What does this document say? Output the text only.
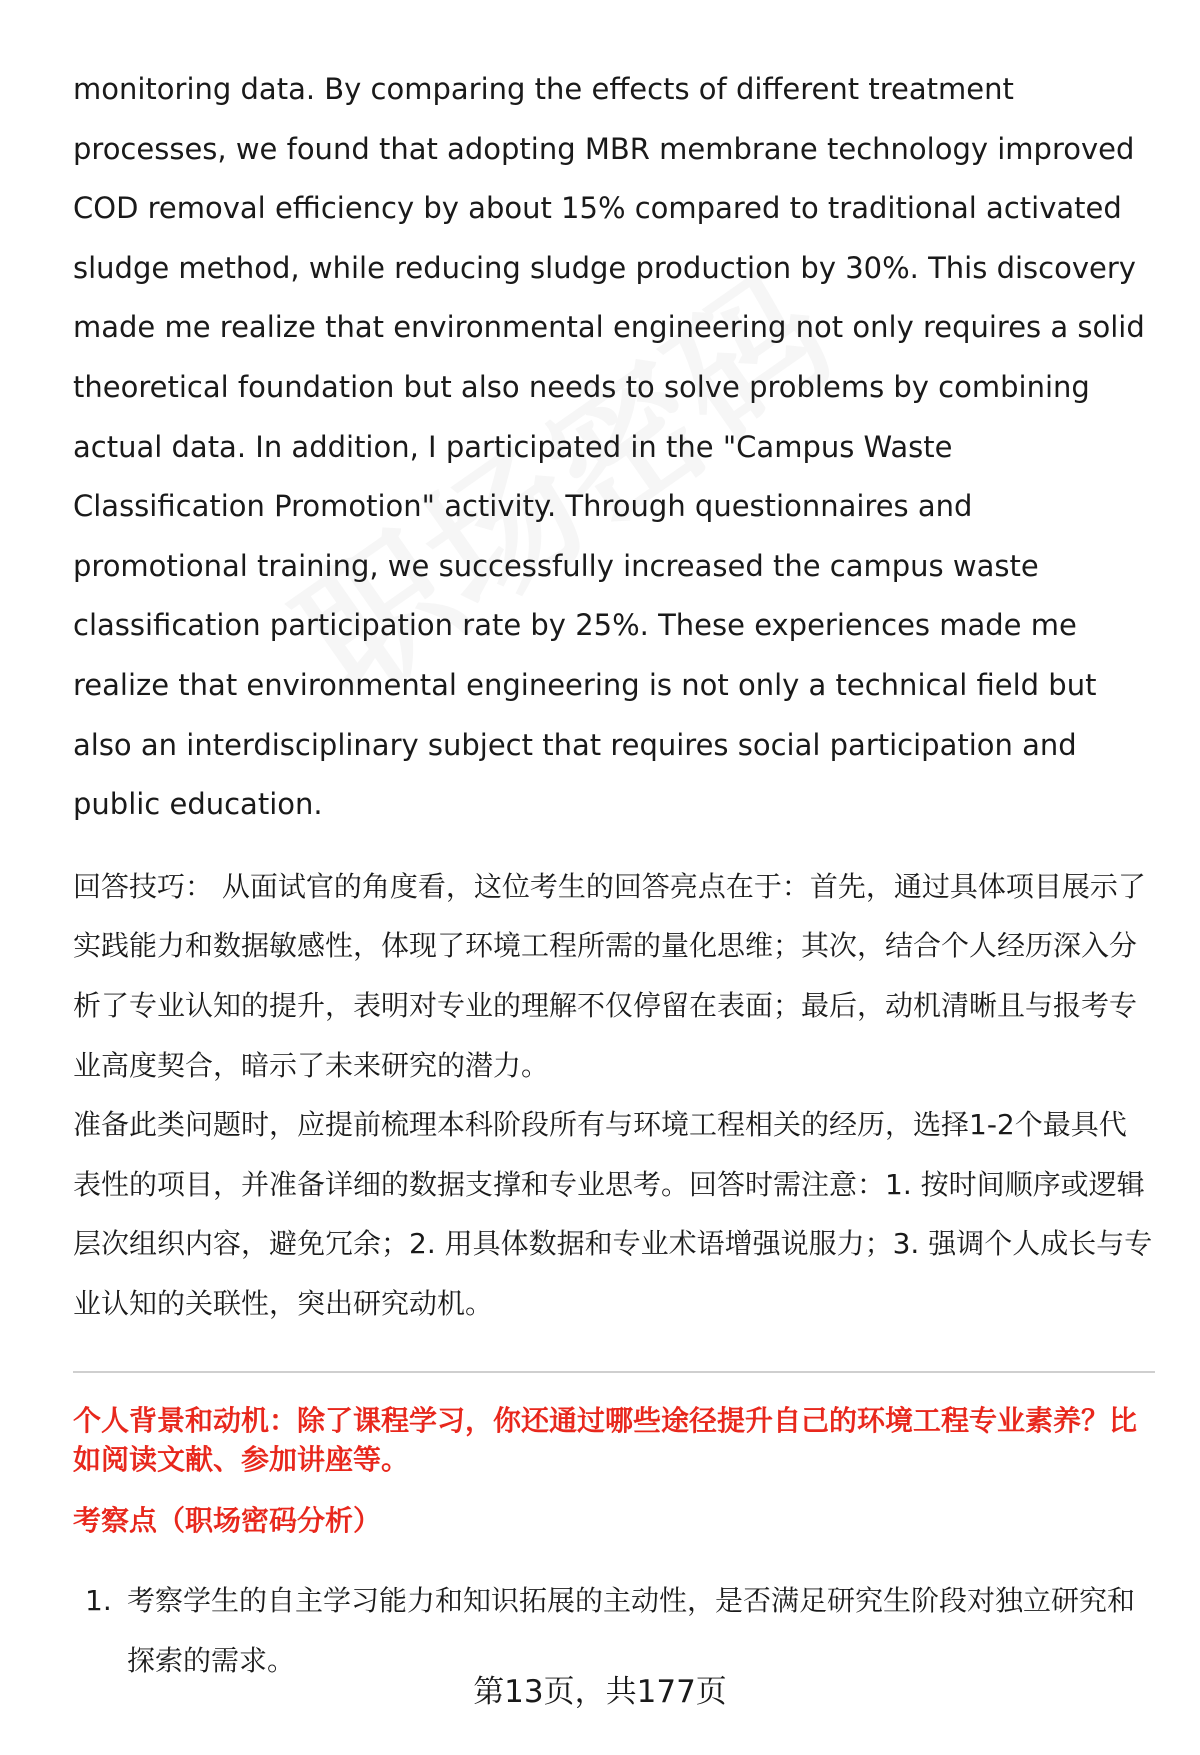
monitoring data. By comparing the effects of different treatment processes, we found that adopting MBR membrane technology improved COD removal efficiency by about 15% compared to traditional activated sludge method, while reducing sludge production by 30%. This discovery made me realize that environmental engineering not only requires a solid theoretical foundation but also needs to solve problems by combining actual data. In addition, I participated in the "Campus Waste Classification Promotion" activity. Through questionnaires and promotional training, we successfully increased the campus waste classification participation rate by 25%. These experiences made me realize that environmental engineering is not only a technical field but also an interdisciplinary subject that requires social participation and public education.

回答技巧： 从面试官的角度看，这位考生的回答亮点在于：首先，通过具体项目展示了实践能力和数据敏感性，体现了环境工程所需的量化思维；其次，结合个人经历深入分析了专业认知的提升，表明对专业的理解不仅停留在表面；最后，动机清晰且与报考专业高度契合，暗示了未来研究的潜力。

准备此类问题时，应提前梳理本科阶段所有与环境工程相关的经历，选择1-2个最具代表性的项目，并准备详细的数据支撑和专业思考。回答时需注意：1. 按时间顺序或逻辑层次组织内容，避免冗余；2. 用具体数据和专业术语增强说服力；3. 强调个人成长与专业认知的关联性，突出研究动机。

个人背景和动机：除了课程学习，你还通过哪些途径提升自己的环境工程专业素养？比如阅读文献、参加讲座等。
考察点（职场密码分析）
1. 考察学生的自主学习能力和知识拓展的主动性，是否满足研究生阶段对独立研究和探索的需求。
第13页，共177页
